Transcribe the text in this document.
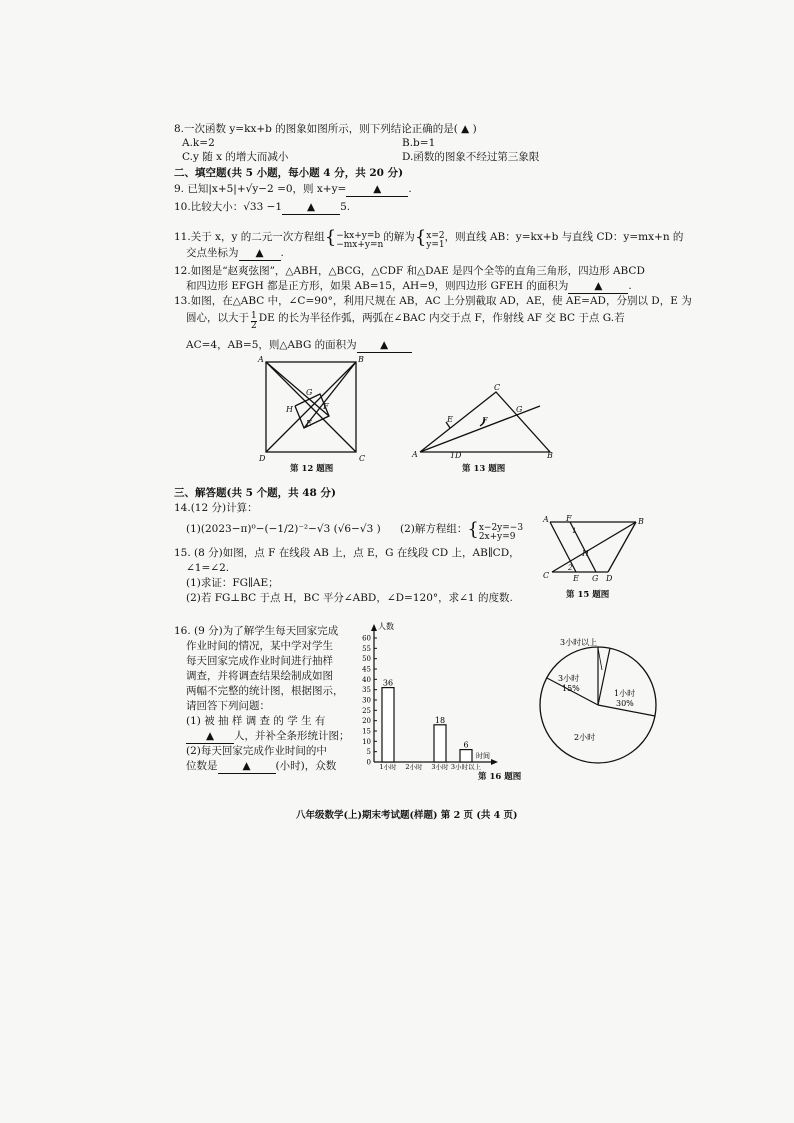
8.一次函数 y=kx+b 的图象如图所示，则下列结论正确的是( ▲ )
A.k=2	B.b=1
C.y 随 x 的增大而减小	D.函数的图象不经过第三象限
二、填空题(共 5 小题，每小题 4 分，共 20 分)
9. 已知|x+5|+√y−2 =0，则 x+y=	▲	.
10.比较大小：√33 −1 ▲ 5.
11.关于 x，y 的二元一次方程组{ −kx+y=b
−mx+y=n
的解为{ x=2
y=1
，则直线 AB：y=kx+b 与直线 CD：y=mx+n 的
交点坐标为 ▲ .
12.如图是“赵爽弦图”，△ABH，△BCG，△CDF 和△DAE 是四个全等的直角三角形，四边形 ABCD
和四边形 EFGH 都是正方形，如果 AB=15，AH=9，则四边形 GFEH 的面积为 ▲ .
13.如图，在△ABC 中，∠C=90°，利用尺规在 AB，AC 上分别截取 AD，AE，使 AE=AD，分别以 D，E 为
圆心，以大于 $\frac{1}{2}$ DE 的长为半径作弧，两弧在∠BAC 内交于点 F，作射线 AF 交 BC 于点 G.若
AC=4，AB=5，则△ABG 的面积为 ▲
A	B
C
D
E
F
G
H
第 12 题图
A	B
C
D
E	F
G
1
第 13 题图
三、解答题(共 5 个题，共 48 分)
14.(12 分)计算：
(1)(2023−π)⁰−(−1/2)⁻²−√3 (√6−√3 ) (2)解方程组：{ x−2y=−3
2x+y=9
15. (8 分)如图，点 F 在线段 AB 上，点 E，G 在线段 CD 上，AB∥CD，
∠1=∠2.
(1)求证：FG∥AE；
(2)若 FG⊥BC 于点 H，BC 平分∠ABD，∠D=120°，求∠1 的度数.
A	B
C	D
E
F
G
H
1
2
第 15 题图
16. (9 分)为了解学生每天回家完成
作业时间的情况，某中学对学生
每天回家完成作业时间进行抽样
调查，并将调查结果绘制成如图
两幅不完整的统计图，根据图示，
请回答下列问题：
(1) 被 抽 样 调 查 的 学 生 有
▲ 人，并补全条形统计图；
(2)每天回家完成作业时间的中
位数是 ▲ (小时)，众数	0
5
10
15
20
25
30
35
40
45
50
55
60
36
1小时 2小时
18
3小时
6
3小时以上
人数
时间
3小时以上
3小时
15%
1小时
30%
2小时
第 16 题图
八年级数学(上)期末考试题(样题) 第 2 页 (共 4 页)
